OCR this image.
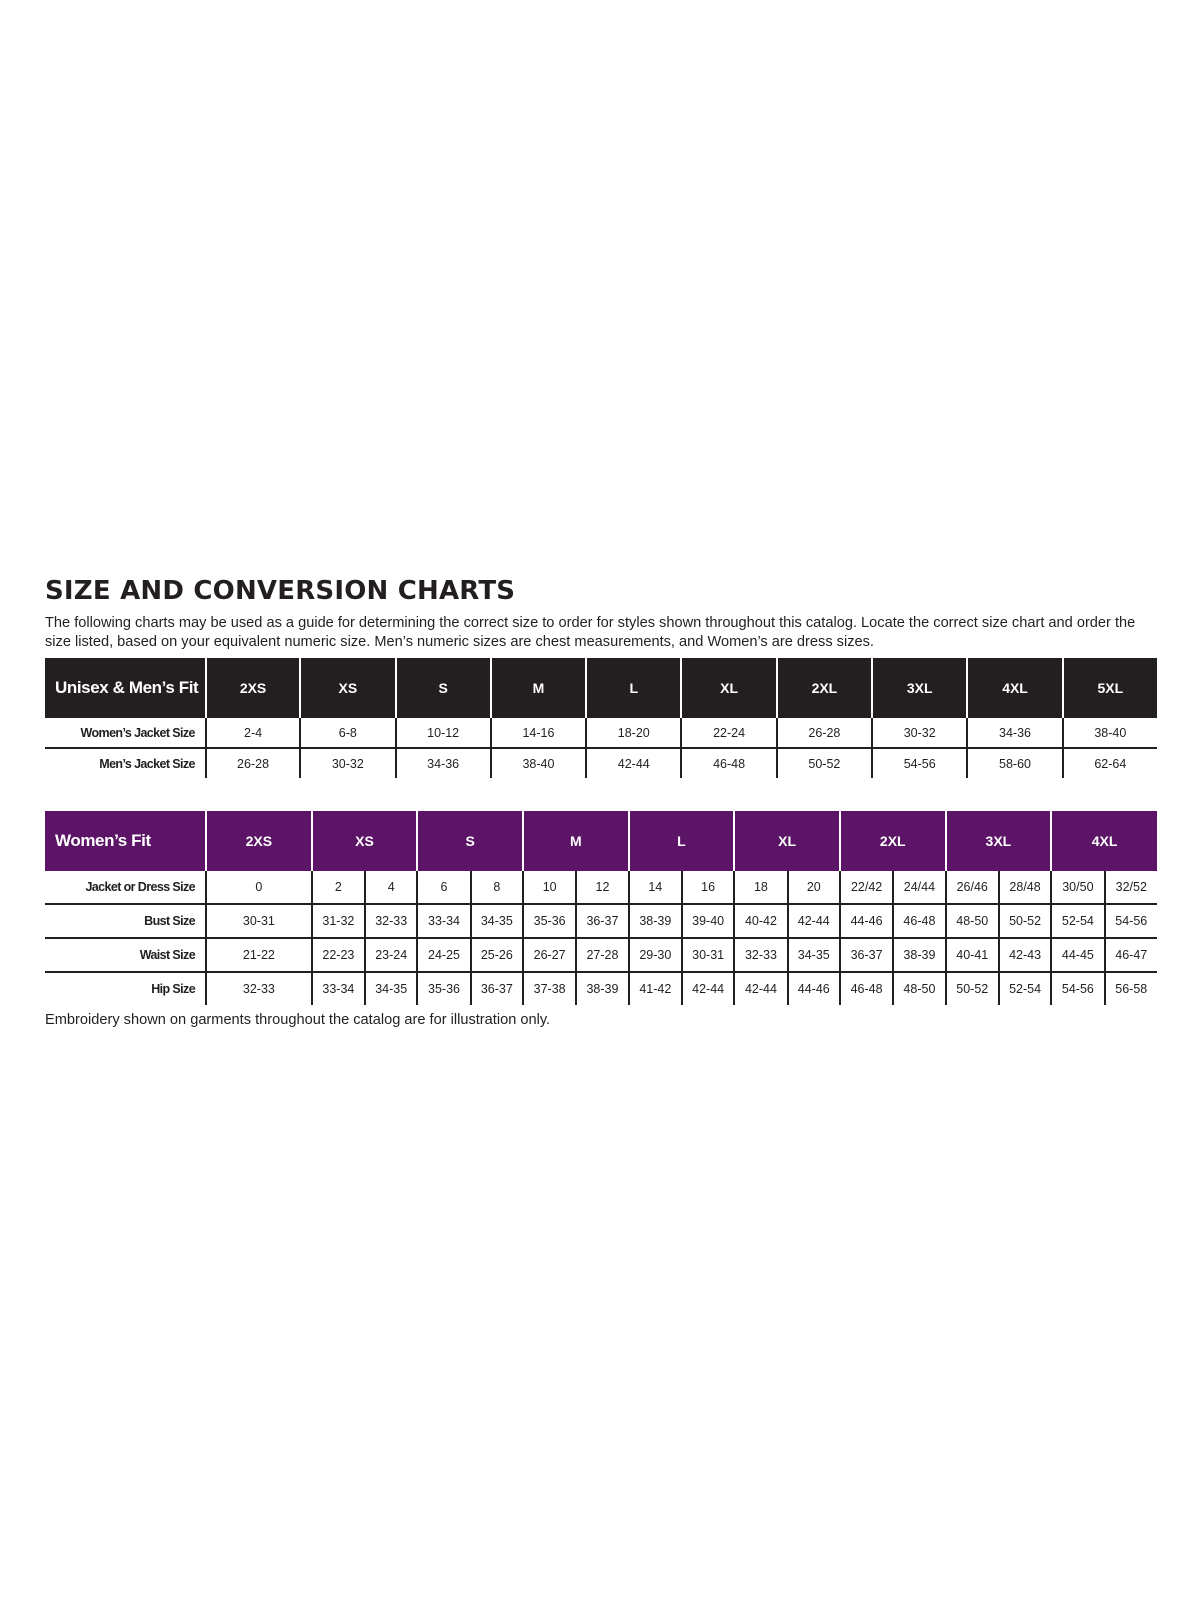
SIZE AND CONVERSION CHARTS

The following charts may be used as a guide for determining the correct size to order for styles shown throughout this catalog. Locate the correct size chart and order the size listed, based on your equivalent numeric size. Men’s numeric sizes are chest measurements, and Women’s are dress sizes.

Unisex & Men’s Fit	2XS	XS	S	M	L	XL	2XL	3XL	4XL	5XL
Women’s Jacket Size	2-4	6-8	10-12	14-16	18-20	22-24	26-28	30-32	34-36	38-40
Men’s Jacket Size	26-28	30-32	34-36	38-40	42-44	46-48	50-52	54-56	58-60	62-64
Women’s Fit	2XS	XS		S		M		L		XL		2XL		3XL		4XL	
Jacket or Dress Size	0	2	4	6	8	10	12	14	16	18	20	22/42	24/44	26/46	28/48	30/50	32/52
Bust Size	30-31	31-32	32-33	33-34	34-35	35-36	36-37	38-39	39-40	40-42	42-44	44-46	46-48	48-50	50-52	52-54	54-56
Waist Size	21-22	22-23	23-24	24-25	25-26	26-27	27-28	29-30	30-31	32-33	34-35	36-37	38-39	40-41	42-43	44-45	46-47
Hip Size	32-33	33-34	34-35	35-36	36-37	37-38	38-39	41-42	42-44	42-44	44-46	46-48	48-50	50-52	52-54	54-56	56-58

Embroidery shown on garments throughout the catalog are for illustration only.
